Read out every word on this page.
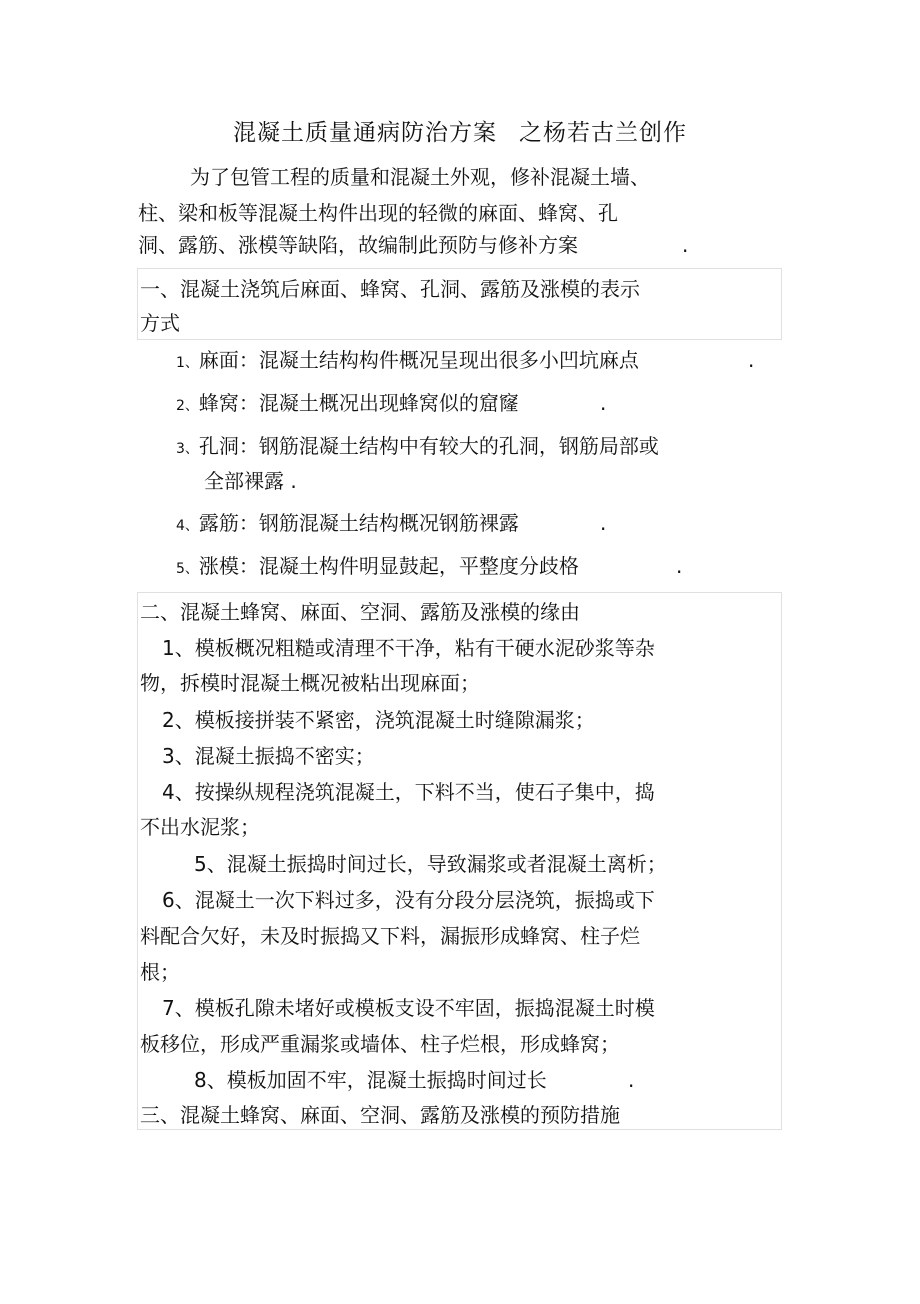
混凝土质量通病防治方案 之杨若古兰创作
为了包管工程的质量和混凝土外观，修补混凝土墙、
柱、梁和板等混凝土构件出现的轻微的麻面、蜂窝、孔
洞、露筋、涨模等缺陷，故编制此预防与修补方案	.
一、混凝土浇筑后麻面、蜂窝、孔洞、露筋及涨模的表示
方式
1、麻面：混凝土结构构件概况呈现出很多小凹坑麻点	.
2、蜂窝：混凝土概况出现蜂窝似的窟窿	.
3、孔洞：钢筋混凝土结构中有较大的孔洞，钢筋局部或
全部裸露 .
4、露筋：钢筋混凝土结构概况钢筋裸露	.
5、涨模：混凝土构件明显鼓起，平整度分歧格	.
二、混凝土蜂窝、麻面、空洞、露筋及涨模的缘由
1、模板概况粗糙或清理不干净，粘有干硬水泥砂浆等杂
物，拆模时混凝土概况被粘出现麻面；
2、模板接拼装不紧密，浇筑混凝土时缝隙漏浆；
3、混凝土振捣不密实；
4、按操纵规程浇筑混凝土，下料不当，使石子集中，捣
不出水泥浆；
5、混凝土振捣时间过长，导致漏浆或者混凝土离析；
6、混凝土一次下料过多，没有分段分层浇筑，振捣或下
料配合欠好，未及时振捣又下料，漏振形成蜂窝、柱子烂
根；
7、模板孔隙未堵好或模板支设不牢固，振捣混凝土时模
板移位，形成严重漏浆或墙体、柱子烂根，形成蜂窝；
8、模板加固不牢，混凝土振捣时间过长	.
三、混凝土蜂窝、麻面、空洞、露筋及涨模的预防措施
